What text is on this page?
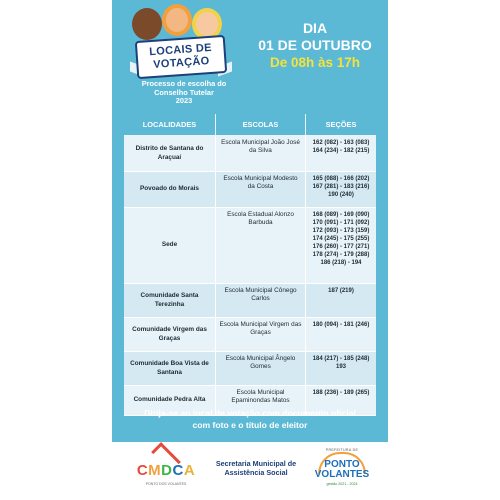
LOCAIS DE
VOTAÇÃO
Processo de escolha do
Conselho Tutelar
2023
DIA
01 DE OUTUBRO
De 08h às 17h
LOCALIDADES	ESCOLAS	SEÇÕES
Distrito de Santana do Araçuaí
Escola Municipal João José da Silva
162 (082) - 163 (083)
164 (234) - 182 (215)
Povoado do Morais
Escola Municipal Modesto da Costa
165 (088) - 166 (202)
167 (281) - 183 (216)
190 (240)
Sede
Escola Estadual Alonzo Barbuda
168 (089) - 169 (090)
170 (091) - 171 (092)
172 (093) - 173 (159)
174 (245) - 175 (255)
176 (260) - 177 (271)
178 (274) - 179 (288)
186 (218) - 194
Comunidade Santa Terezinha
Escola Municipal Cônego Carlos
187 (219)
Comunidade Virgem das Graças
Escola Municipal Virgem das Graças
180 (094) - 181 (246)
Comunidade Boa Vista de Santana
Escola Municipal Ângelo Gomes
184 (217) - 185 (248)
193
Comunidade Pedra Alta
Escola Municipal Epaminondas Matos
188 (236) - 189 (265)
Dirija-se ao local de votação com documento oficial
com foto e o título de eleitor
CMDCA
PONTO DOS VOLANTES
Secretaria Municipal de
Assistência Social
PREFEITURA DE
PONTO
VOLANTES
gestão 2021 - 2024
